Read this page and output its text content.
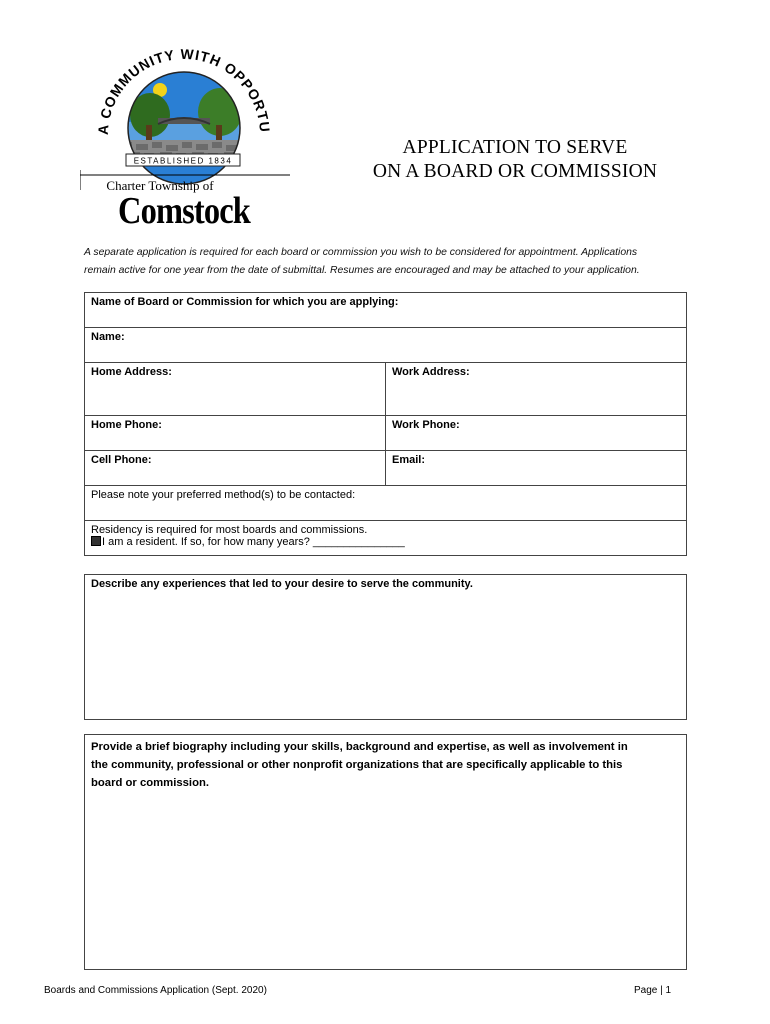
A COMMUNITY WITH OPPORTU
ESTABLISHED 1834
Charter Township of
Comstock
APPLICATION TO SERVE
ON A BOARD OR COMMISSION
A separate application is required for each board or commission you wish to be considered for appointment. Applications
remain active for one year from the date of submittal. Resumes are encouraged and may be attached to your application.
Name of Board or Commission for which you are applying:	
Name:	
Home Address:	Work Address:
Home Phone:	Work Phone:
Cell Phone:	Email:
Please note your preferred method(s) to be contacted:	

Residency is required for most boards and commissions.
I am a resident. If so, for how many years? _______________	
Describe any experiences that led to your desire to serve the community.
Provide a brief biography including your skills, background and expertise, as well as involvement in
the community, professional or other nonprofit organizations that are specifically applicable to this
board or commission.
Boards and Commissions Application (Sept. 2020)	Page | 1
